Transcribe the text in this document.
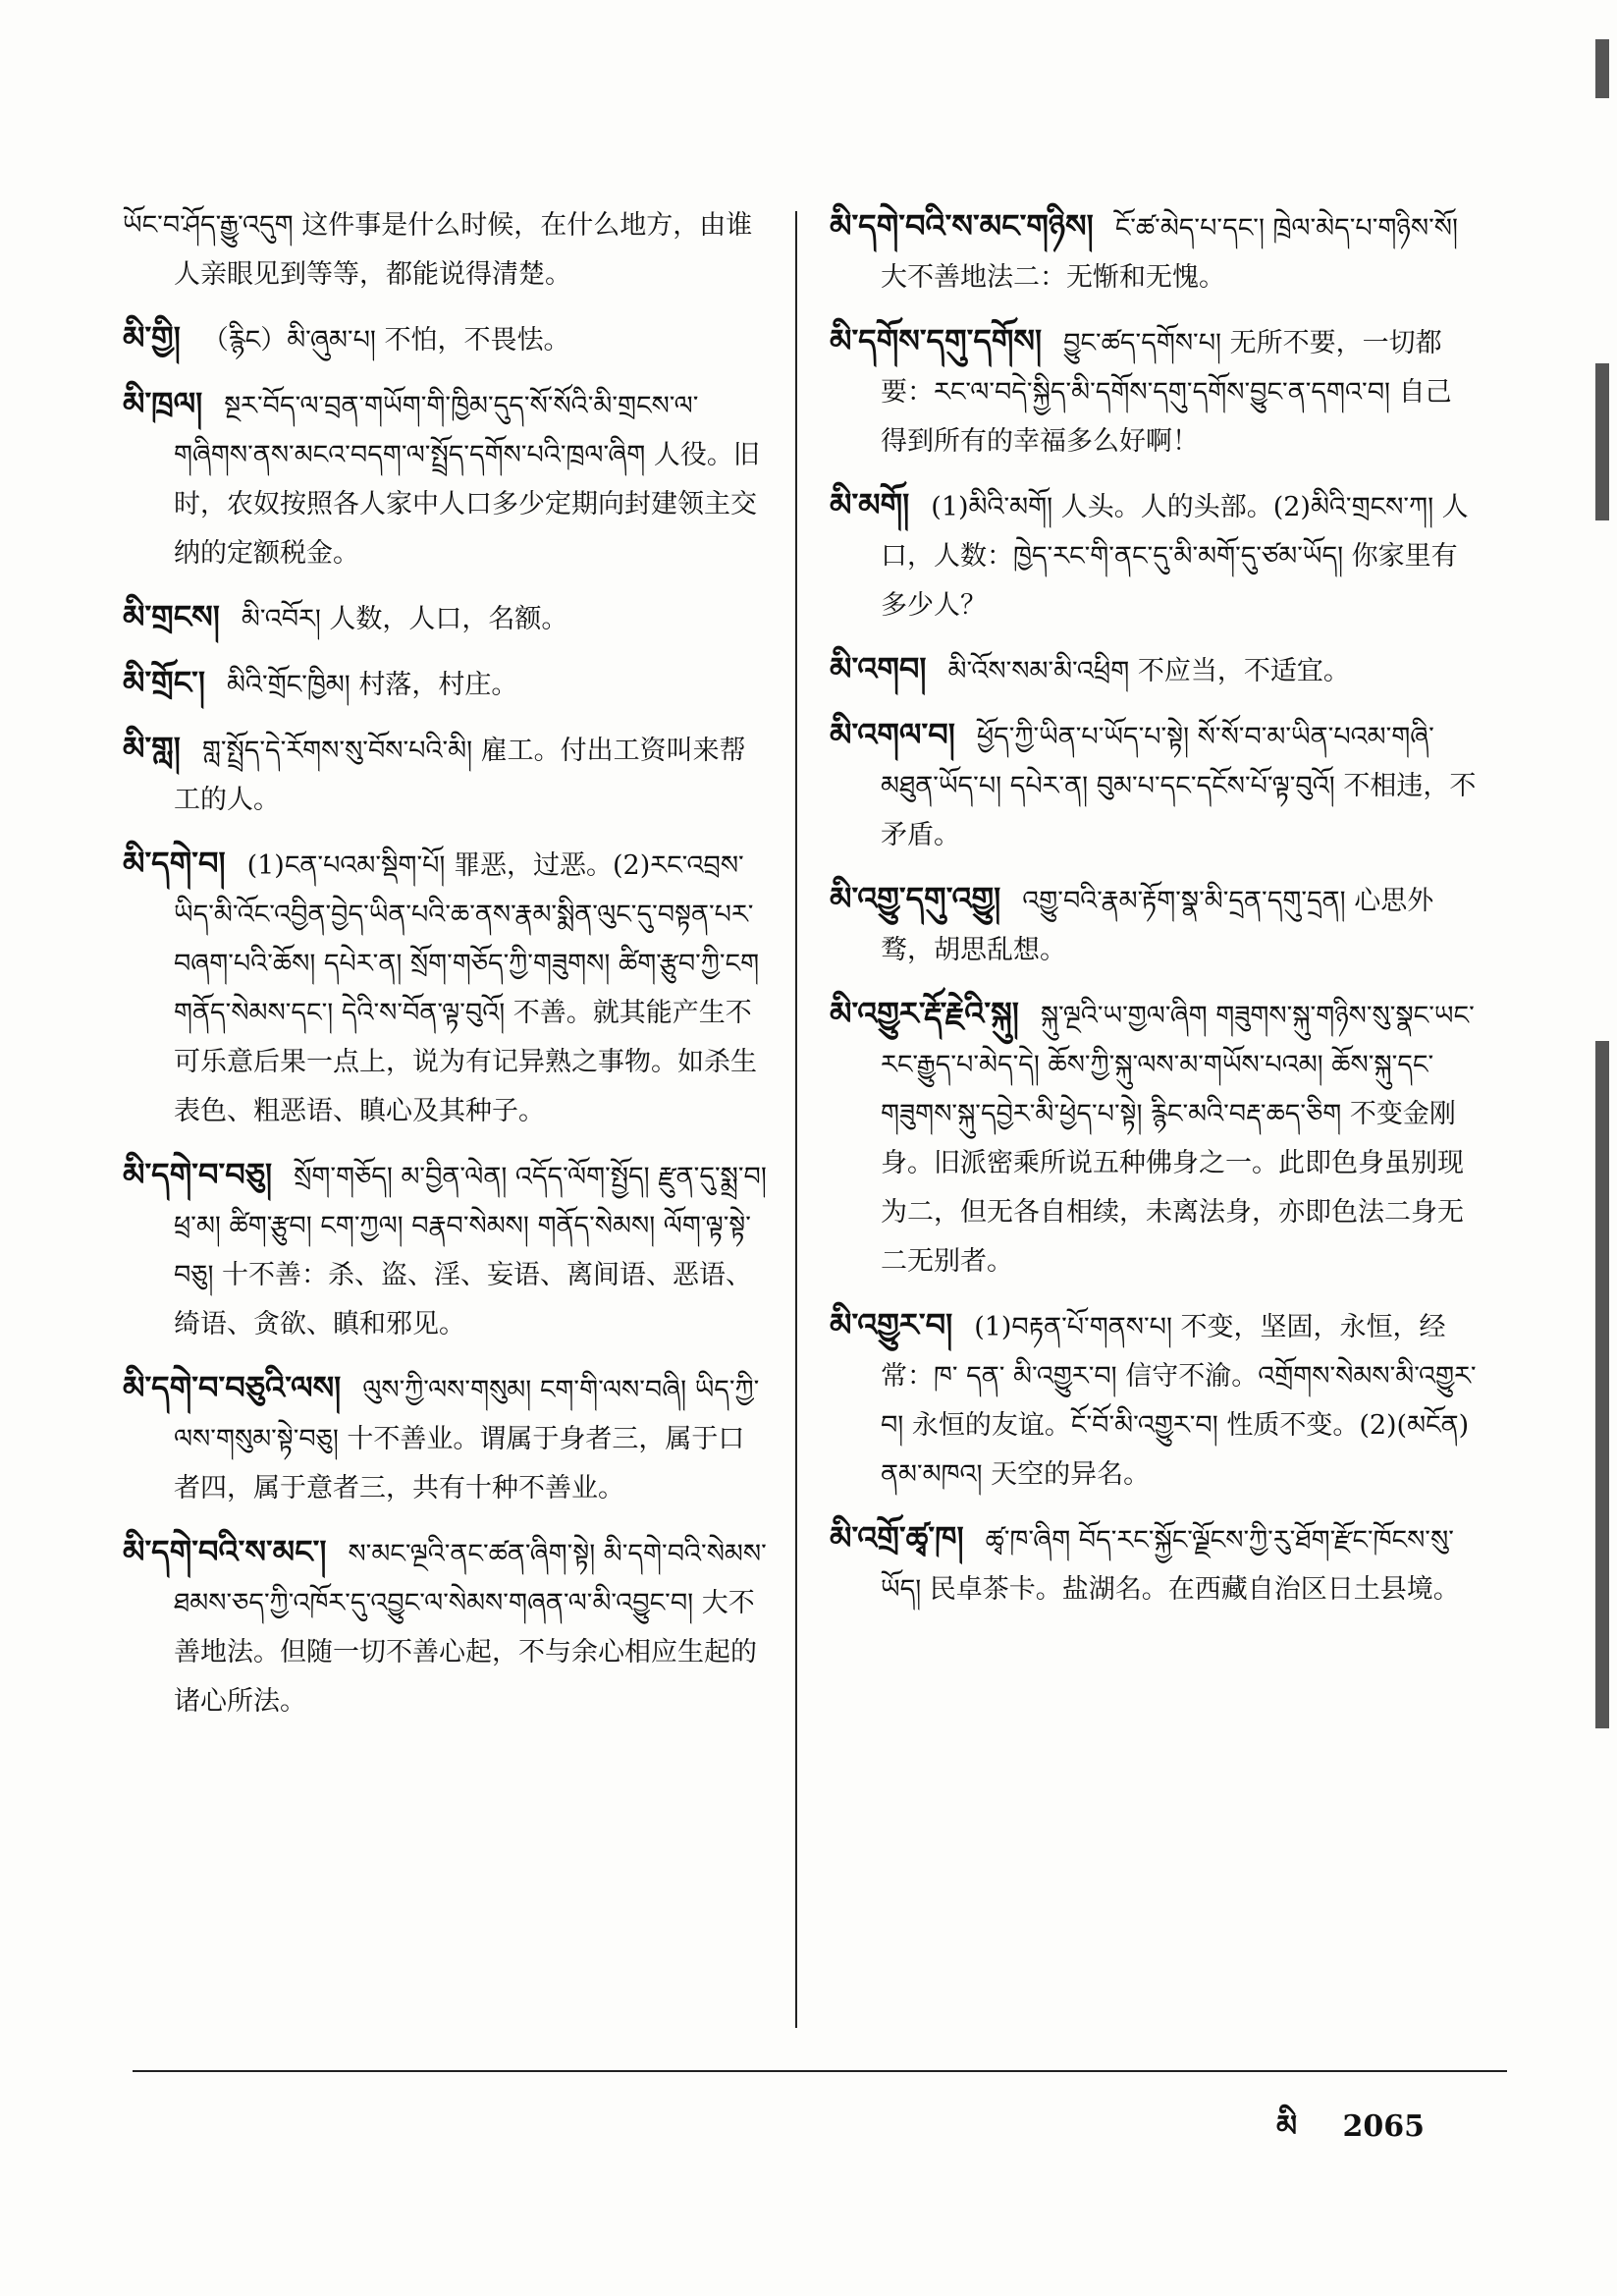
ཡོང་བ་ཤོད་རྒྱུ་འདུག 这件事是什么时候，在什么地方，由谁人亲眼见到等等，都能说得清楚。
མི་གྱི། （རྙིང）མི་ཞུམ་པ། 不怕，不畏怯。
མི་ཁྲལ། སྔར་བོད་ལ་བྲན་གཡོག་གི་ཁྱིམ་དུད་སོ་སོའི་མི་གྲངས་ལ་གཞིགས་ནས་མངའ་བདག་ལ་སྤྲོད་དགོས་པའི་ཁྲལ་ཞིག 人役。旧时，农奴按照各人家中人口多少定期向封建领主交纳的定额税金。
མི་གྲངས། མི་འབོར། 人数，人口，名额。
མི་གྲོང་། མིའི་གྲོང་ཁྱིམ། 村落，村庄。
མི་གླ། གླ་སྤྲོད་དེ་རོགས་སུ་བོས་པའི་མི། 雇工。付出工资叫来帮工的人。
མི་དགེ་བ། (1)ངན་པའམ་སྡིག་པོ། 罪恶，过恶。(2)རང་འབྲས་ཡིད་མི་འོང་འབྱིན་བྱེད་ཡིན་པའི་ཆ་ནས་རྣམ་སྨིན་ལུང་དུ་བསྟན་པར་བཞག་པའི་ཆོས། དཔེར་ན། སྲོག་གཅོད་ཀྱི་གཟུགས། ཚིག་རྩུབ་ཀྱི་ངག གནོད་སེམས་དང་། དེའི་ས་བོན་ལྟ་བུའོ། 不善。就其能产生不可乐意后果一点上，说为有记异熟之事物。如杀生表色、粗恶语、瞋心及其种子。
མི་དགེ་བ་བཅུ། སྲོག་གཅོད། མ་བྱིན་ལེན། འདོད་ལོག་སྤྱོད། རྫུན་དུ་སྨྲ་བ། ཕྲ་མ། ཚིག་རྩུབ། ངག་ཀྱལ། བརྣབ་སེམས། གནོད་སེམས། ལོག་ལྟ་སྟེ་བཅུ། 十不善：杀、盗、淫、妄语、离间语、恶语、绮语、贪欲、瞋和邪见。
མི་དགེ་བ་བཅུའི་ལས། ལུས་ཀྱི་ལས་གསུམ། ངག་གི་ལས་བཞི། ཡིད་ཀྱི་ལས་གསུམ་སྟེ་བཅུ། 十不善业。谓属于身者三，属于口者四，属于意者三，共有十种不善业。
མི་དགེ་བའི་ས་མང་། ས་མང་ལྔའི་ནང་ཚན་ཞིག་སྟེ། མི་དགེ་བའི་སེམས་ཐམས་ཅད་ཀྱི་འཁོར་དུ་འབྱུང་ལ་སེམས་གཞན་ལ་མི་འབྱུང་བ། 大不善地法。但随一切不善心起，不与余心相应生起的诸心所法。
མི་དགེ་བའི་ས་མང་གཉིས། ངོ་ཚ་མེད་པ་དང་། ཁྲེལ་མེད་པ་གཉིས་སོ། 大不善地法二：无惭和无愧。
མི་དགོས་དགུ་དགོས། བྱུང་ཚད་དགོས་པ། 无所不要，一切都要：རང་ལ་བདེ་སྐྱིད་མི་དགོས་དགུ་དགོས་བྱུང་ན་དགའ་བ། 自己得到所有的幸福多么好啊！
མི་མགོ། (1)མིའི་མགོ། 人头。人的头部。(2)མིའི་གྲངས་ཀ། 人口，人数：ཁྱེད་རང་གི་ནང་དུ་མི་མགོ་དུ་ཙམ་ཡོད། 你家里有多少人？
མི་འགབ། མི་འོས་སམ་མི་འཕྲིག 不应当，不适宜。
མི་འགལ་བ། ཕྱོད་ཀྱི་ཡིན་པ་ཡོད་པ་སྟེ། སོ་སོ་བ་མ་ཡིན་པའམ་གཞི་མཐུན་ཡོད་པ། དཔེར་ན། བུམ་པ་དང་དངོས་པོ་ལྟ་བུའོ། 不相违，不矛盾。
མི་འགྱུ་དགུ་འགྱུ། འགྱུ་བའི་རྣམ་རྟོག་སྣ་མི་དྲན་དགུ་དྲན། 心思外骛，胡思乱想。
མི་འགྱུར་རྡོ་རྗེའི་སྐུ། སྐུ་ལྔའི་ཡ་གྱལ་ཞིག གཟུགས་སྐུ་གཉིས་སུ་སྣང་ཡང་རང་རྒྱུད་པ་མེད་དེ། ཆོས་ཀྱི་སྐུ་ལས་མ་གཡོས་པའམ། ཆོས་སྐུ་དང་གཟུགས་སྐུ་དབྱེར་མི་ཕྱེད་པ་སྟེ། རྙིང་མའི་བརྡ་ཆད་ཅིག 不变金刚身。旧派密乘所说五种佛身之一。此即色身虽别现为二，但无各自相续，未离法身，亦即色法二身无二无别者。
མི་འགྱུར་བ། (1)བརྟན་པོ་གནས་པ། 不变，坚固，永恒，经常：ཁ་ དན་ མི་འགྱུར་བ། 信守不渝。འགྲོགས་སེམས་མི་འགྱུར་བ། 永恒的友谊。ངོ་བོ་མི་འགྱུར་བ། 性质不变。(2)(མངོན) ནམ་མཁའ། 天空的异名。
མི་འགྲོ་ཚྭ་ཁ། ཚྭ་ཁ་ཞིག བོད་རང་སྐྱོང་ལྗོངས་ཀྱི་རུ་ཐོག་རྫོང་ཁོངས་སུ་ཡོད། 民卓茶卡。盐湖名。在西藏自治区日土县境。
མི 2065
